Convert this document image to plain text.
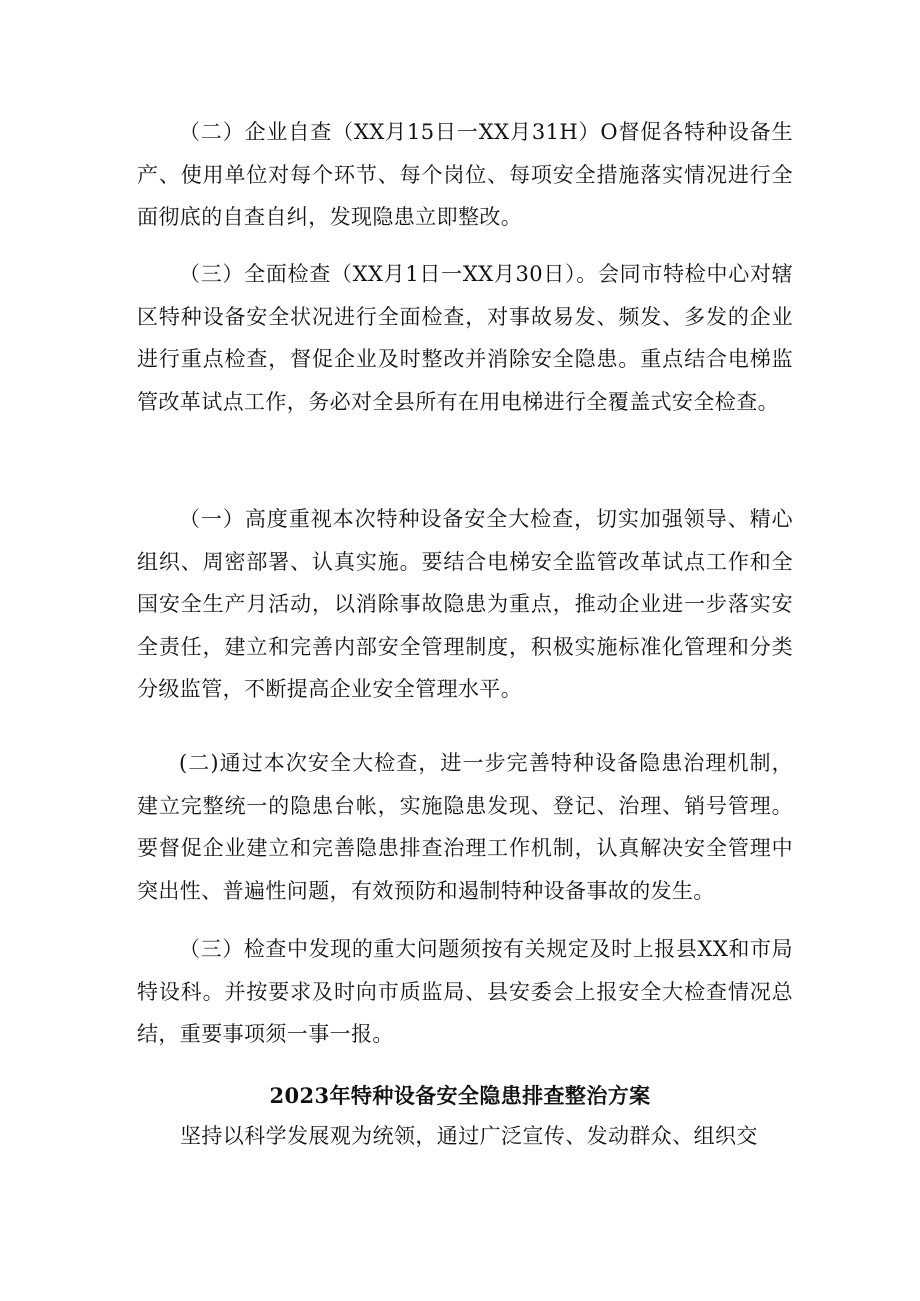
（二）企业自查（XX月15日一XX月31H）O督促各特种设备生产、使用单位对每个环节、每个岗位、每项安全措施落实情况进行全面彻底的自查自纠，发现隐患立即整改。

（三）全面检查（XX月1日一XX月30日）。会同市特检中心对辖区特种设备安全状况进行全面检查，对事故易发、频发、多发的企业进行重点检查，督促企业及时整改并消除安全隐患。重点结合电梯监管改革试点工作，务必对全县所有在用电梯进行全覆盖式安全检查。

（一）高度重视本次特种设备安全大检查，切实加强领导、精心组织、周密部署、认真实施。要结合电梯安全监管改革试点工作和全国安全生产月活动，以消除事故隐患为重点，推动企业进一步落实安全责任，建立和完善内部安全管理制度，积极实施标准化管理和分类分级监管，不断提高企业安全管理水平。

(二)通过本次安全大检查，进一步完善特种设备隐患治理机制，建立完整统一的隐患台帐，实施隐患发现、登记、治理、销号管理。要督促企业建立和完善隐患排查治理工作机制，认真解决安全管理中突出性、普遍性问题，有效预防和遏制特种设备事故的发生。

（三）检查中发现的重大问题须按有关规定及时上报县XX和市局特设科。并按要求及时向市质监局、县安委会上报安全大检查情况总结，重要事项须一事一报。

2023年特种设备安全隐患排查整治方案

坚持以科学发展观为统领，通过广泛宣传、发动群众、组织交
